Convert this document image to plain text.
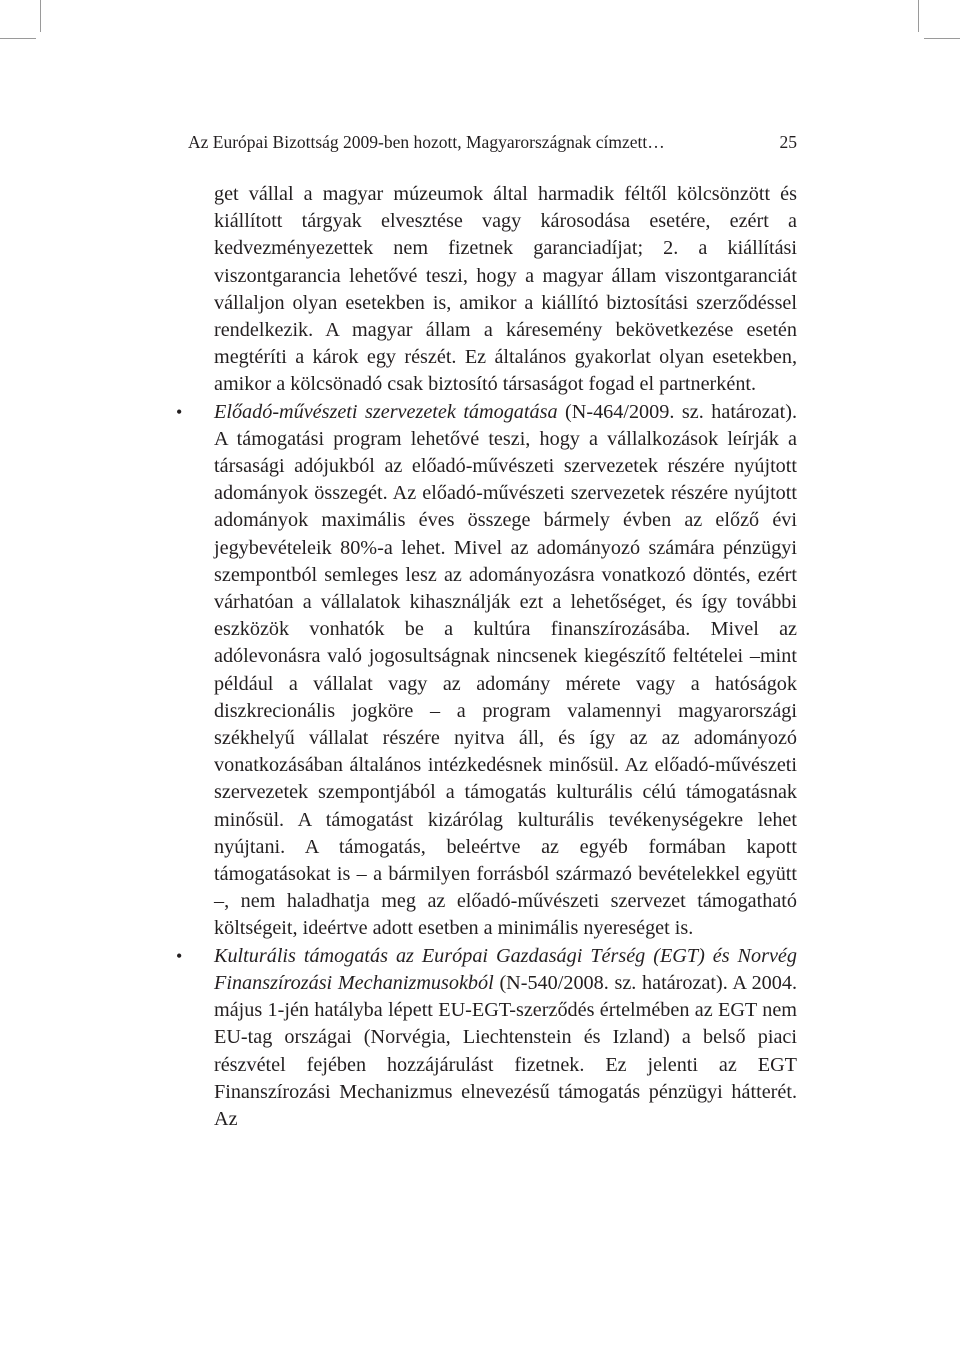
Az Európai Bizottság 2009-ben hozott, Magyarországnak címzett…	25

get vállal a magyar múzeumok által harmadik féltől kölcsönzött és kiállított tárgyak elvesztése vagy károsodása esetére, ezért a kedvezményezettek nem fizetnek garanciadíjat; 2. a kiállítási viszontgarancia lehetővé teszi, hogy a magyar állam viszontgaranciát vállaljon olyan esetekben is, amikor a kiállító biztosítási szerződéssel rendelkezik. A magyar állam a káresemény bekövetkezése esetén megtéríti a károk egy részét. Ez általános gyakorlat olyan esetekben, amikor a kölcsönadó csak biztosító társaságot fogad el partnerként.

• Előadó-művészeti szervezetek támogatása (N-464/2009. sz. határozat). A támogatási program lehetővé teszi, hogy a vállalkozások leírják a társasági adójukból az előadó-művészeti szervezetek részére nyújtott adományok összegét. Az előadó-művészeti szervezetek részére nyújtott adományok maximális éves összege bármely évben az előző évi jegybevételeik 80%-a lehet. Mivel az adományozó számára pénzügyi szempontból semleges lesz az adományozásra vonatkozó döntés, ezért várhatóan a vállalatok kihasználják ezt a lehetőséget, és így további eszközök vonhatók be a kultúra finanszírozásába. Mivel az adólevonásra való jogosultságnak nincsenek kiegészítő feltételei –mint például a vállalat vagy az adomány mérete vagy a hatóságok diszkrecionális jogköre – a program valamennyi magyarországi székhelyű vállalat részére nyitva áll, és így az az adományozó vonatkozásában általános intézkedésnek minősül. Az előadó-művészeti szervezetek szempontjából a támogatás kulturális célú támogatásnak minősül. A támogatást kizárólag kulturális tevékenységekre lehet nyújtani. A támogatás, beleértve az egyéb formában kapott támogatásokat is – a bármilyen forrásból származó bevételekkel együtt –, nem haladhatja meg az előadó-művészeti szervezet támogatható költségeit, ideértve adott esetben a minimális nyereséget is.
• Kulturális támogatás az Európai Gazdasági Térség (EGT) és Norvég Finanszírozási Mechanizmusokból (N-540/2008. sz. határozat). A 2004. május 1-jén hatályba lépett EU-EGT-szerződés értelmében az EGT nem EU-tag országai (Norvégia, Liechtenstein és Izland) a belső piaci részvétel fejében hozzájárulást fizetnek. Ez jelenti az EGT Finanszírozási Mechanizmus elnevezésű támogatás pénzügyi hátterét. Az
